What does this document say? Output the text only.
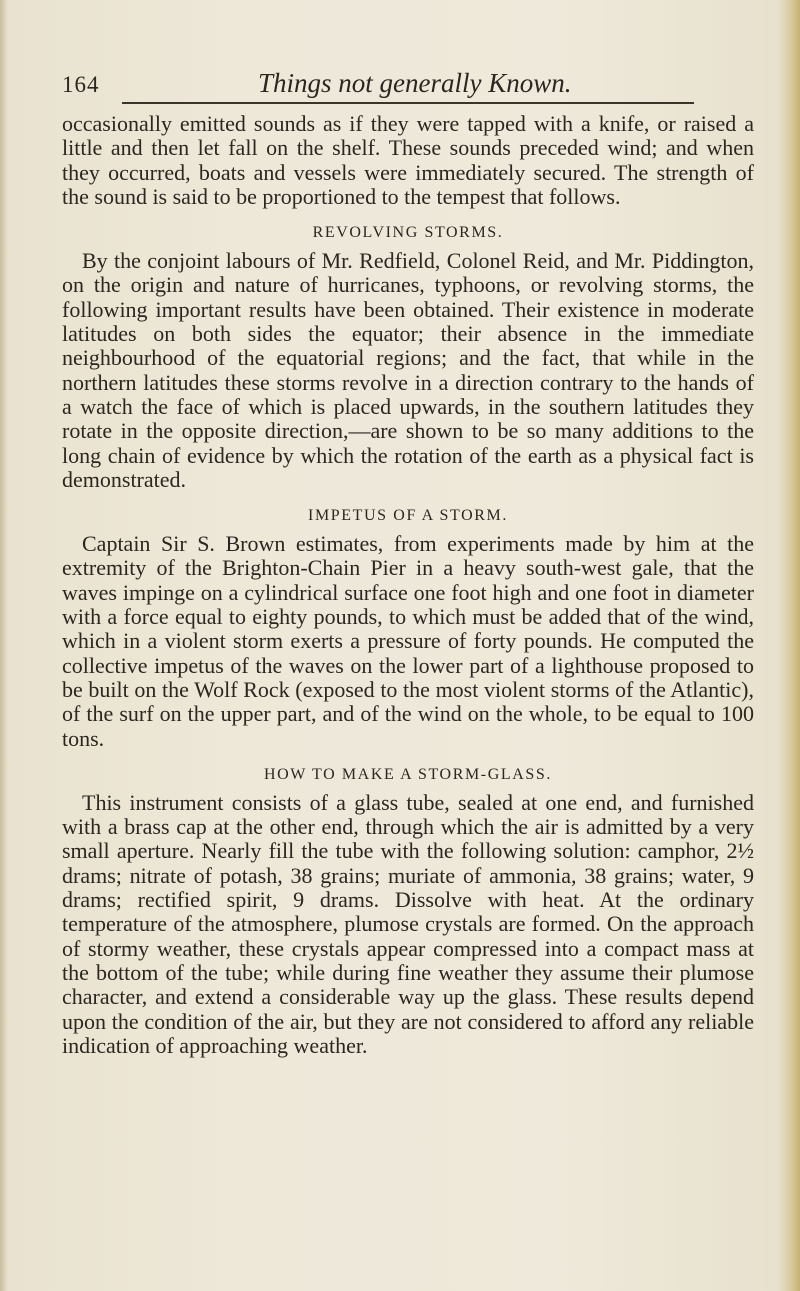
164	Things not generally Known.

occasionally emitted sounds as if they were tapped with a knife, or raised a little and then let fall on the shelf. These sounds preceded wind; and when they occurred, boats and vessels were immediately secured. The strength of the sound is said to be proportioned to the tempest that follows.

REVOLVING STORMS.

By the conjoint labours of Mr. Redfield, Colonel Reid, and Mr. Piddington, on the origin and nature of hurricanes, typhoons, or revolving storms, the following important results have been obtained. Their existence in moderate latitudes on both sides the equator; their absence in the immediate neighbourhood of the equatorial regions; and the fact, that while in the northern latitudes these storms revolve in a direction contrary to the hands of a watch the face of which is placed upwards, in the southern latitudes they rotate in the opposite direction,—are shown to be so many additions to the long chain of evidence by which the rotation of the earth as a physical fact is demonstrated.

IMPETUS OF A STORM.

Captain Sir S. Brown estimates, from experiments made by him at the extremity of the Brighton-Chain Pier in a heavy south-west gale, that the waves impinge on a cylindrical surface one foot high and one foot in diameter with a force equal to eighty pounds, to which must be added that of the wind, which in a violent storm exerts a pressure of forty pounds. He computed the collective impetus of the waves on the lower part of a lighthouse proposed to be built on the Wolf Rock (exposed to the most violent storms of the Atlantic), of the surf on the upper part, and of the wind on the whole, to be equal to 100 tons.

HOW TO MAKE A STORM-GLASS.

This instrument consists of a glass tube, sealed at one end, and furnished with a brass cap at the other end, through which the air is admitted by a very small aperture. Nearly fill the tube with the following solution: camphor, 2½ drams; nitrate of potash, 38 grains; muriate of ammonia, 38 grains; water, 9 drams; rectified spirit, 9 drams. Dissolve with heat. At the ordinary temperature of the atmosphere, plumose crystals are formed. On the approach of stormy weather, these crystals appear compressed into a compact mass at the bottom of the tube; while during fine weather they assume their plumose character, and extend a considerable way up the glass. These results depend upon the condition of the air, but they are not considered to afford any reliable indication of approaching weather.
